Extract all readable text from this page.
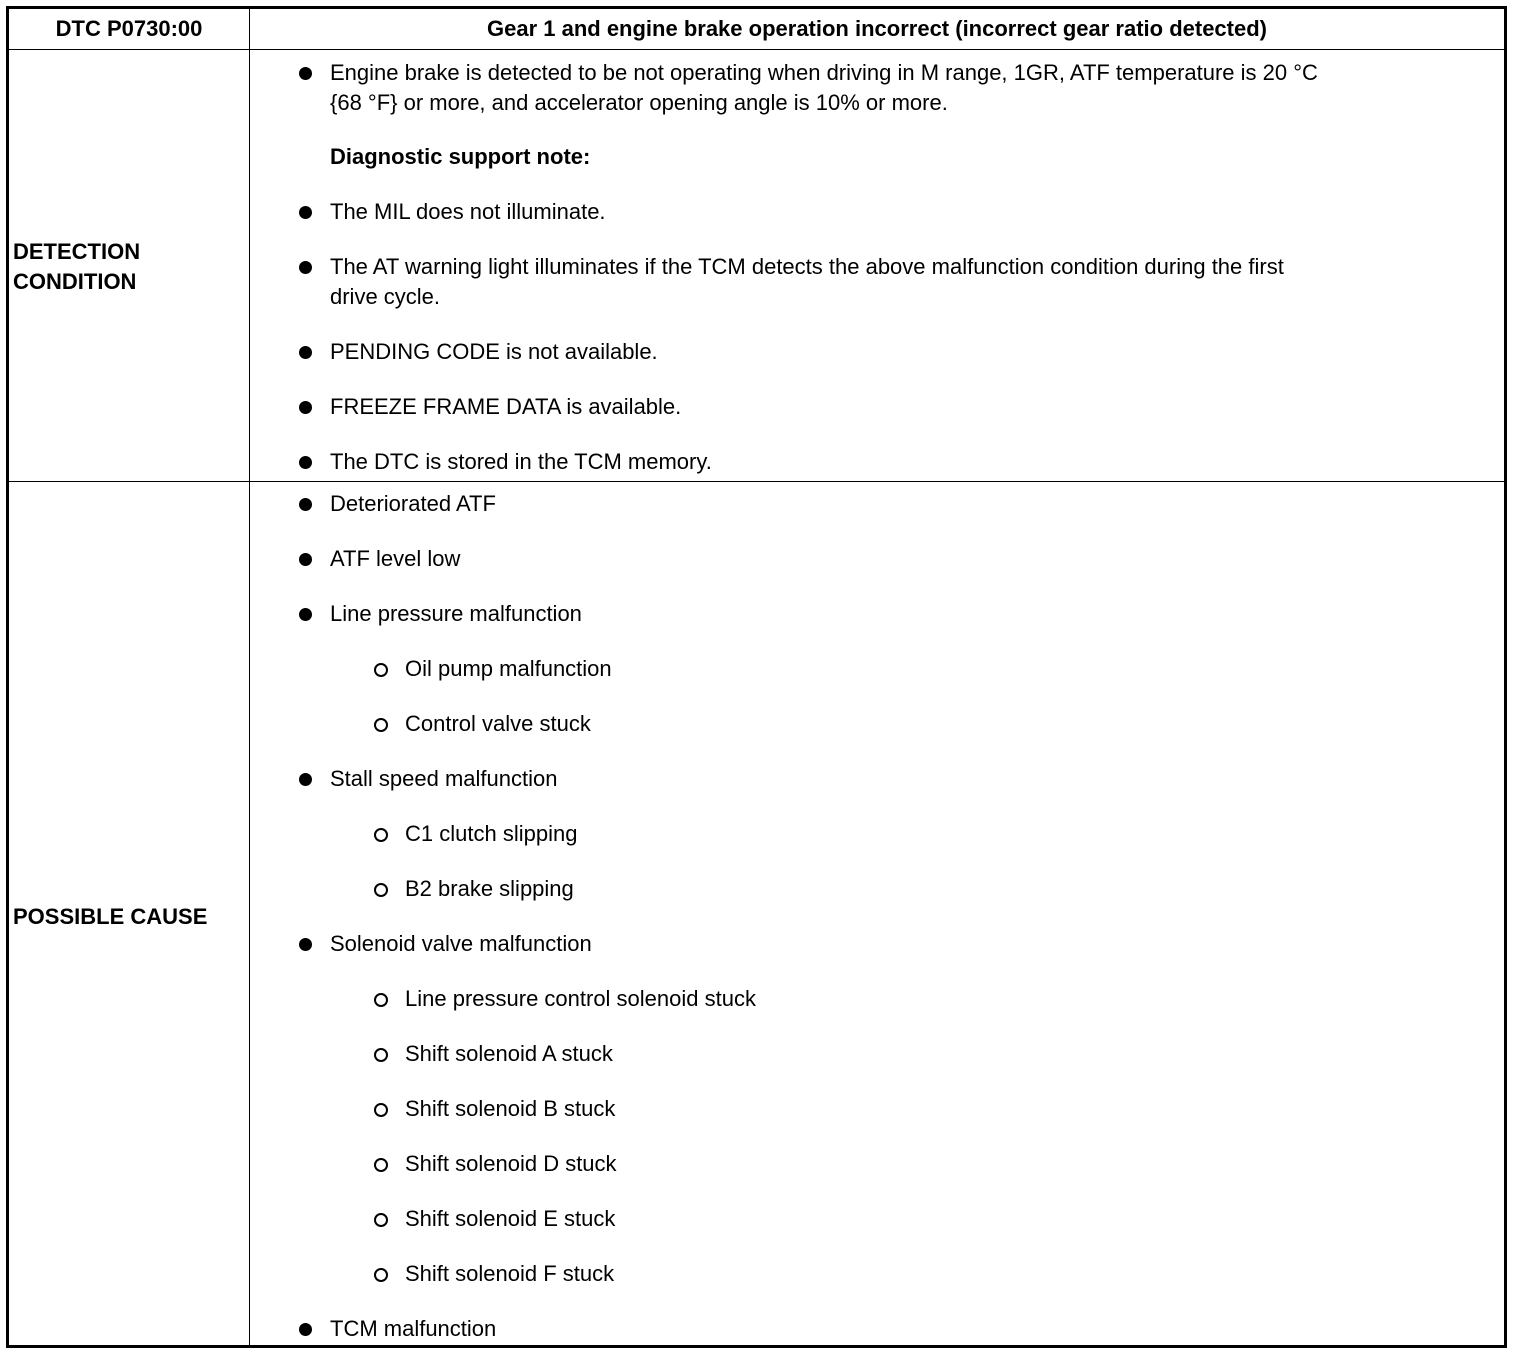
DTC P0730:00	Gear 1 and engine brake operation incorrect (incorrect gear ratio detected)
DETECTION
CONDITION
Engine brake is detected to be not operating when driving in M range, 1GR, ATF temperature is 20 °C
{68 °F} or more, and accelerator opening angle is 10% or more.
Diagnostic support note:
The MIL does not illuminate.
The AT warning light illuminates if the TCM detects the above malfunction condition during the first
drive cycle.
PENDING CODE is not available.
FREEZE FRAME DATA is available.
The DTC is stored in the TCM memory.
POSSIBLE CAUSE
Deteriorated ATF
ATF level low
Line pressure malfunction
Oil pump malfunction
Control valve stuck
Stall speed malfunction
C1 clutch slipping
B2 brake slipping
Solenoid valve malfunction
Line pressure control solenoid stuck
Shift solenoid A stuck
Shift solenoid B stuck
Shift solenoid D stuck
Shift solenoid E stuck
Shift solenoid F stuck
TCM malfunction
